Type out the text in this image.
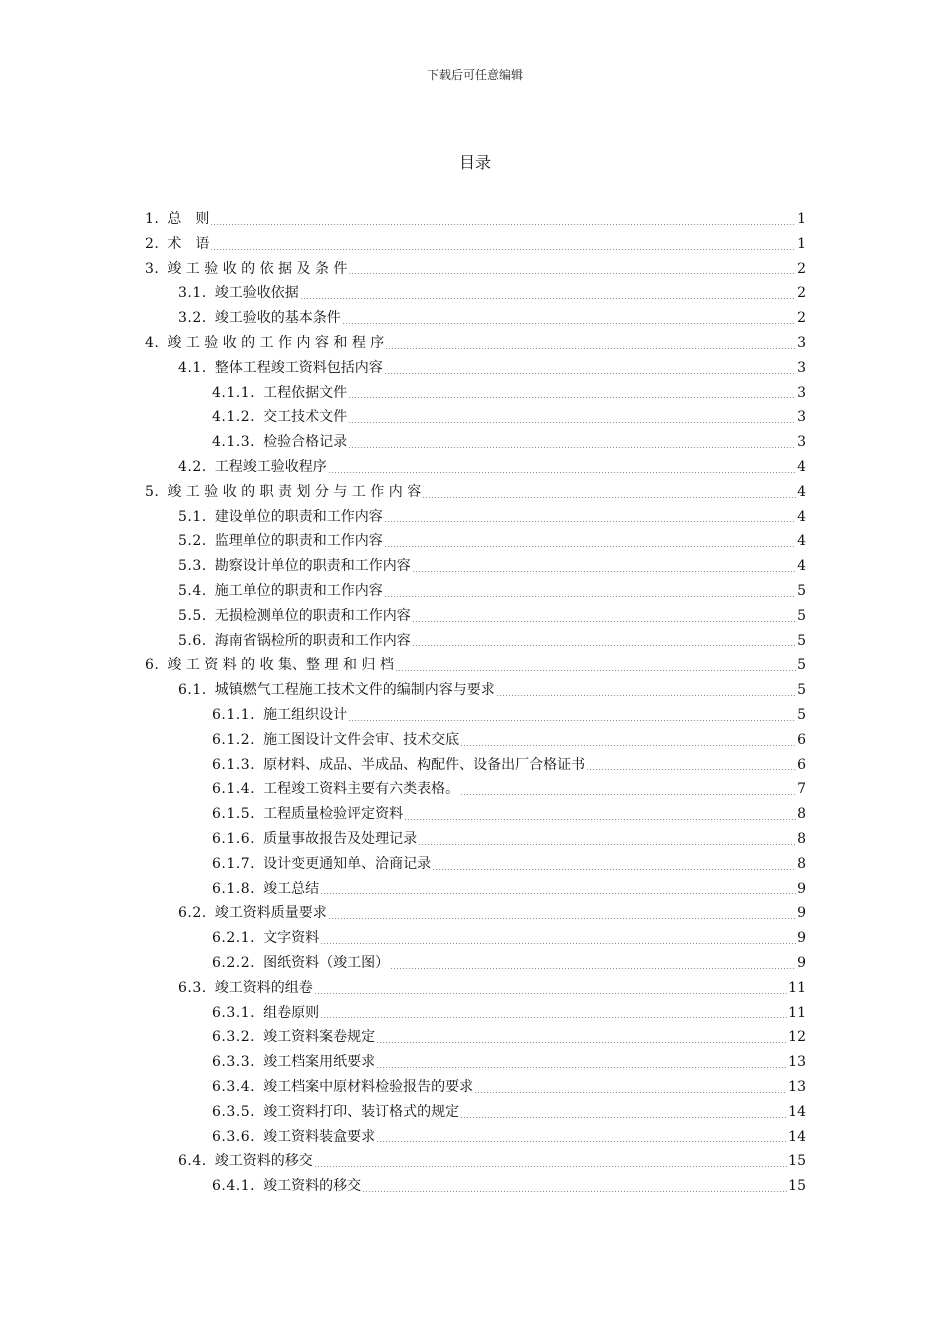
下载后可任意编辑
目录
1. 总　则	1
2. 术　语	1
3. 竣 工 验 收 的 依 据 及 条 件	2
3.1. 竣工验收依据	2
3.2. 竣工验收的基本条件	2
4. 竣 工 验 收 的 工 作 内 容 和 程 序	3
4.1. 整体工程竣工资料包括内容	3
4.1.1. 工程依据文件	3
4.1.2. 交工技术文件	3
4.1.3. 检验合格记录	3
4.2. 工程竣工验收程序	4
5. 竣 工 验 收 的 职 责 划 分 与 工 作 内 容	4
5.1. 建设单位的职责和工作内容	4
5.2. 监理单位的职责和工作内容	4
5.3. 勘察设计单位的职责和工作内容	4
5.4. 施工单位的职责和工作内容	5
5.5. 无损检测单位的职责和工作内容	5
5.6. 海南省锅检所的职责和工作内容	5
6. 竣 工 资 料 的 收 集、整 理 和 归 档	5
6.1. 城镇燃气工程施工技术文件的编制内容与要求	5
6.1.1. 施工组织设计	5
6.1.2. 施工图设计文件会审、技术交底	6
6.1.3. 原材料、成品、半成品、构配件、设备出厂合格证书	6
6.1.4. 工程竣工资料主要有六类表格。	7
6.1.5. 工程质量检验评定资料	8
6.1.6. 质量事故报告及处理记录	8
6.1.7. 设计变更通知单、洽商记录	8
6.1.8. 竣工总结	9
6.2. 竣工资料质量要求	9
6.2.1. 文字资料	9
6.2.2. 图纸资料（竣工图）	9
6.3. 竣工资料的组卷	11
6.3.1. 组卷原则	11
6.3.2. 竣工资料案卷规定	12
6.3.3. 竣工档案用纸要求	13
6.3.4. 竣工档案中原材料检验报告的要求	13
6.3.5. 竣工资料打印、装订格式的规定	14
6.3.6. 竣工资料装盒要求	14
6.4. 竣工资料的移交	15
6.4.1. 竣工资料的移交	15
